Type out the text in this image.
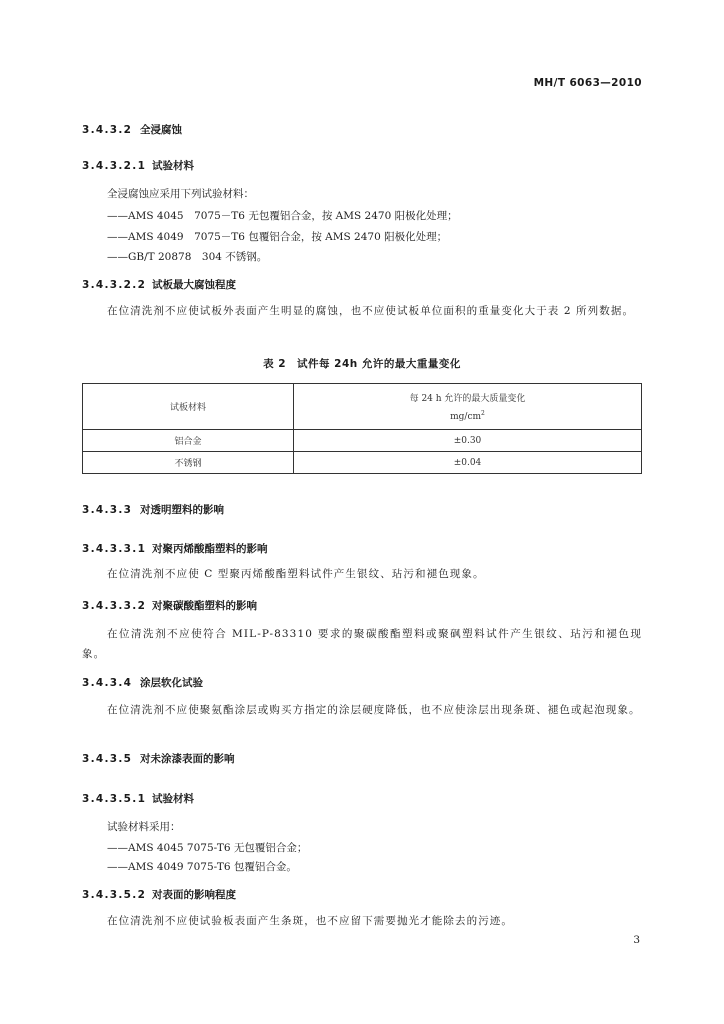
MH/T 6063—2010
3.4.3.2 全浸腐蚀
3.4.3.2.1 试验材料
全浸腐蚀应采用下列试验材料：
——AMS 4045　7075－T6 无包覆铝合金，按 AMS 2470 阳极化处理；
——AMS 4049　7075－T6 包覆铝合金，按 AMS 2470 阳极化处理；
——GB/T 20878　304 不锈钢。
3.4.3.2.2 试板最大腐蚀程度
在位清洗剂不应使试板外表面产生明显的腐蚀，也不应使试板单位面积的重量变化大于表 2 所列数据。
表 2　试件每 24h 允许的最大重量变化
试板材料	每 24 h 允许的最大质量变化
$mg/cm^2$

铝合金	±0.30
不锈钢	±0.04
3.4.3.3 对透明塑料的影响
3.4.3.3.1 对聚丙烯酸酯塑料的影响
在位清洗剂不应使 C 型聚丙烯酸酯塑料试件产生银纹、玷污和褪色现象。
3.4.3.3.2 对聚碳酸酯塑料的影响
在位清洗剂不应使符合 MIL-P-83310 要求的聚碳酸酯塑料或聚砜塑料试件产生银纹、玷污和褪色现象。
3.4.3.4 涂层软化试验
在位清洗剂不应使聚氨酯涂层或购买方指定的涂层硬度降低，也不应使涂层出现条斑、褪色或起泡现象。
3.4.3.5 对未涂漆表面的影响
3.4.3.5.1 试验材料
试验材料采用：
——AMS 4045 7075-T6 无包覆铝合金；
——AMS 4049 7075-T6 包覆铝合金。
3.4.3.5.2 对表面的影响程度
在位清洗剂不应使试验板表面产生条斑，也不应留下需要抛光才能除去的污迹。
3
